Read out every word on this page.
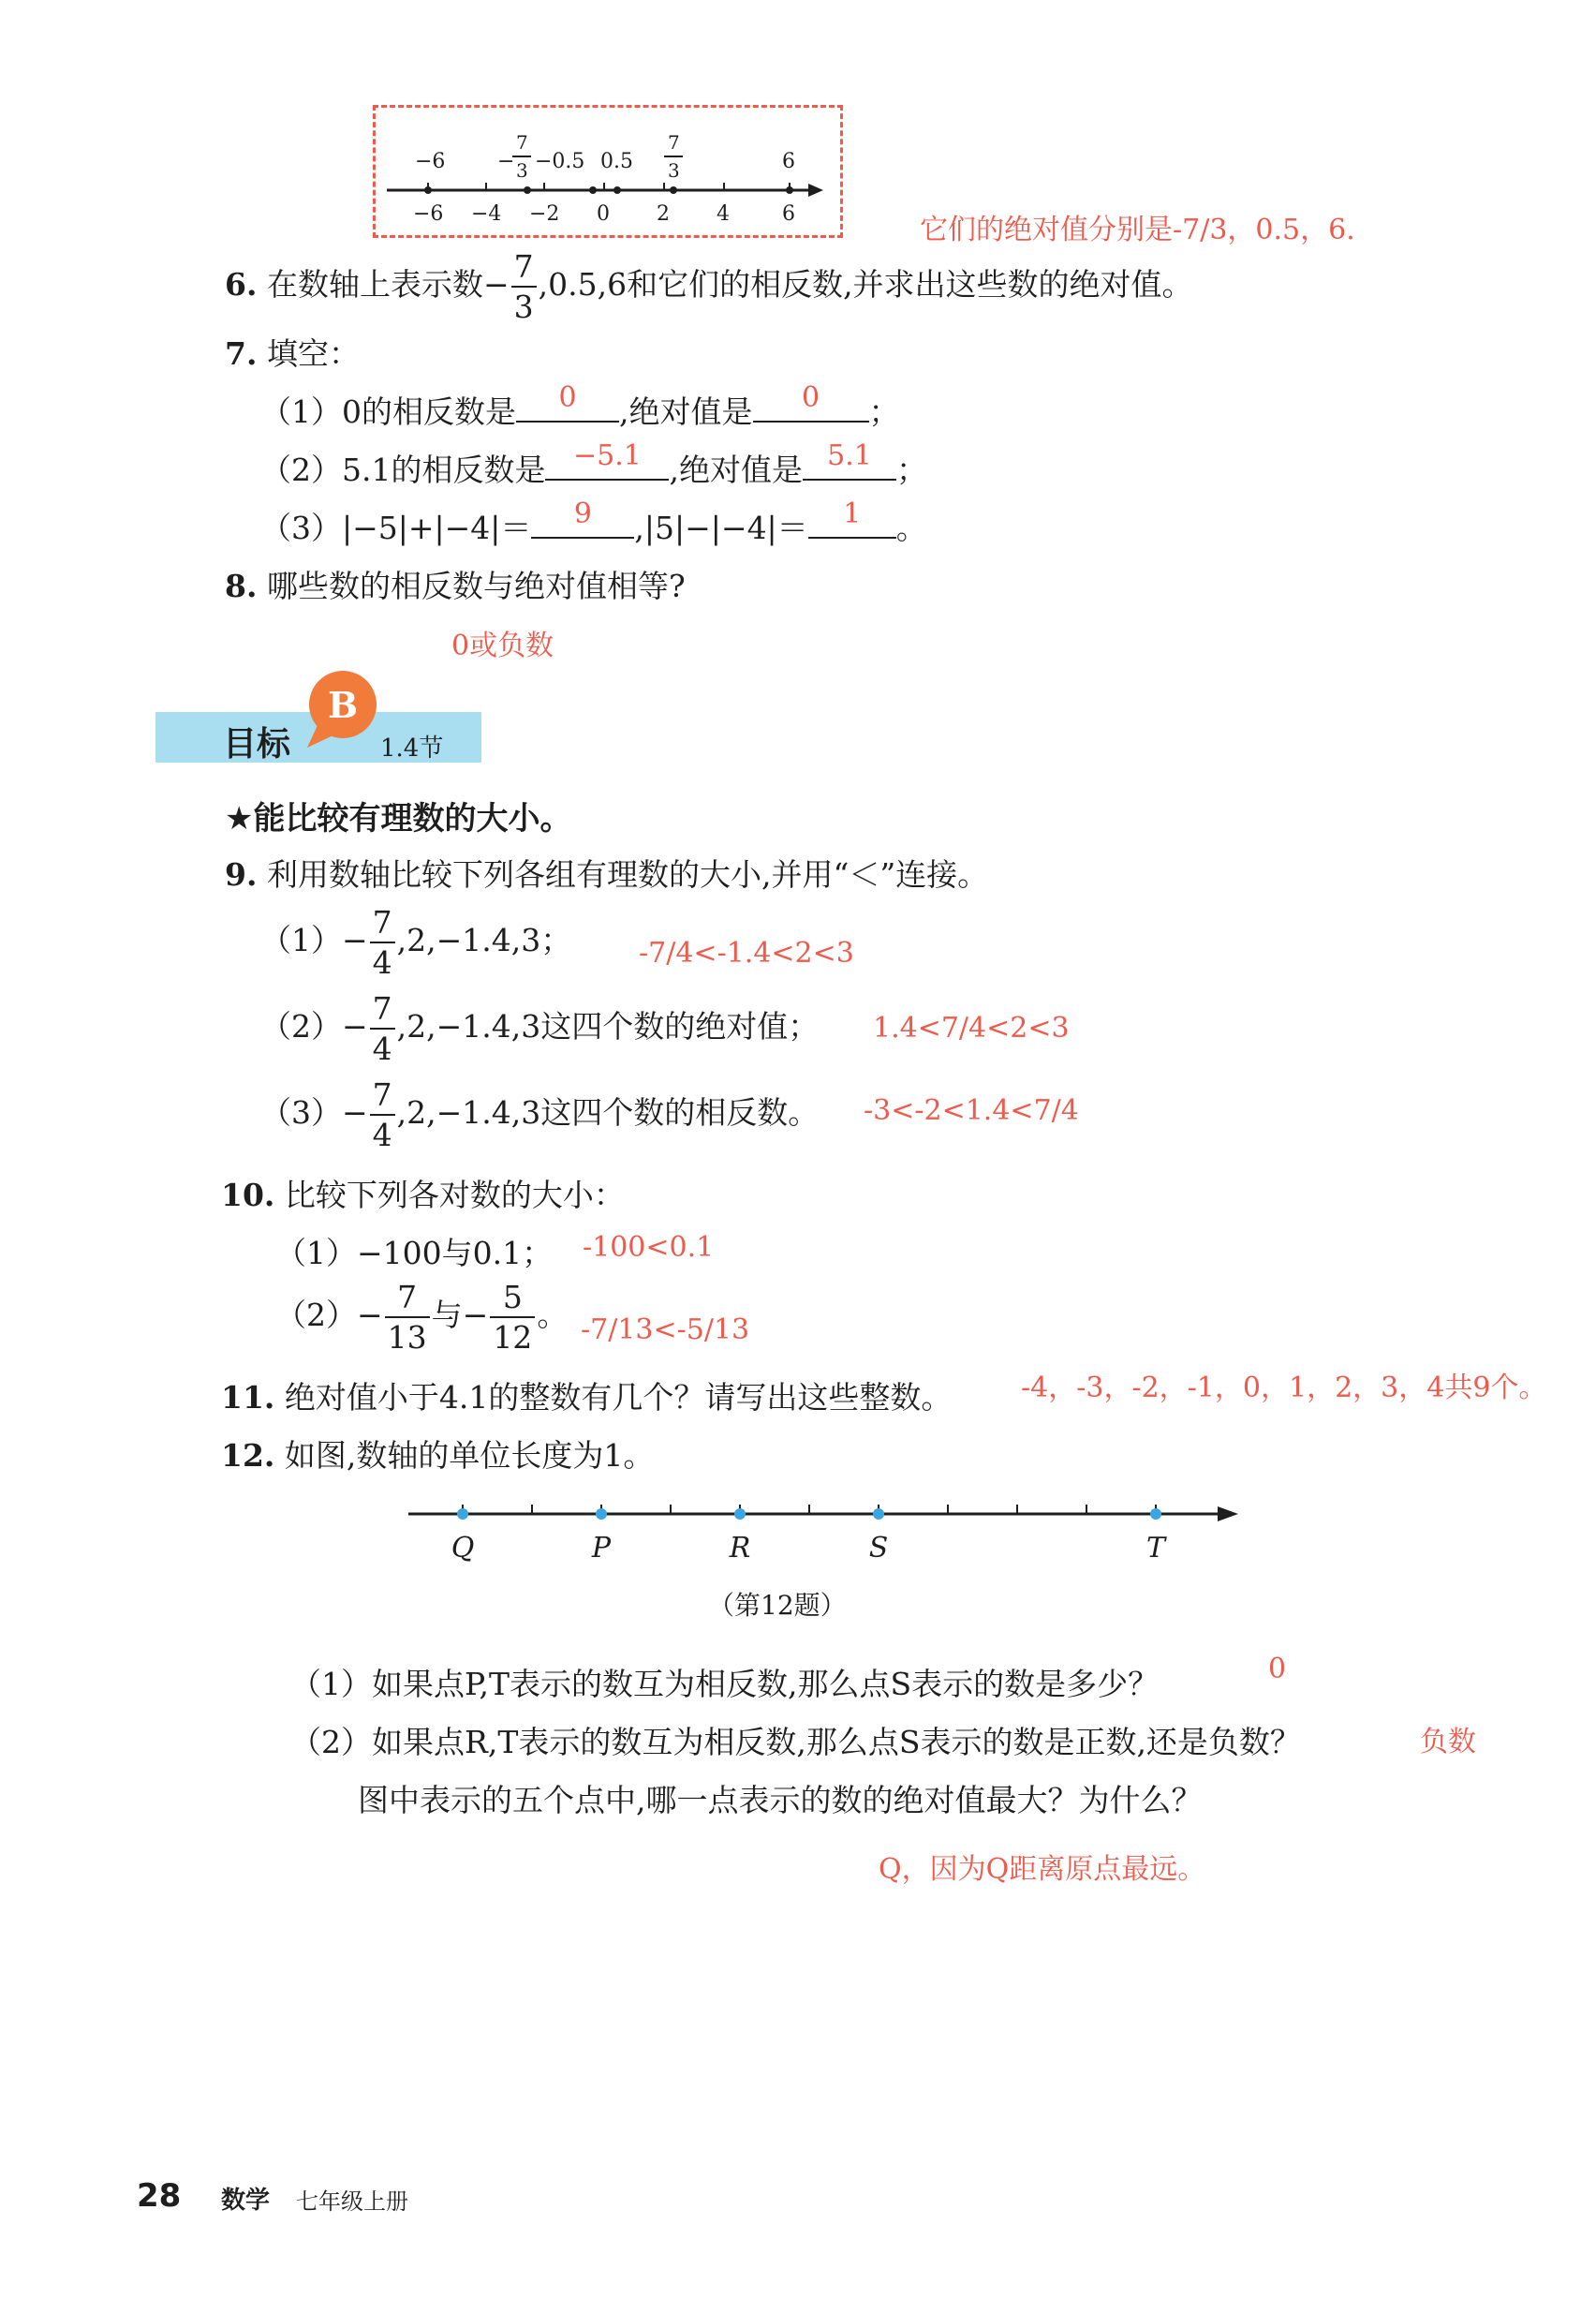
−6	−
7
3 −0.5 0.5
7
3	6
−6 −4 −2 0 2 4	6	它们的绝对值分别是-7/3，0.5，6.
6. 在数轴上表示数− $\frac{7}{3} ,0.5,6$和它们的相反数,并求出这些数的绝对值。
7. 填空：
（1）0的相反数是	0	,绝对值是	0	；
（2）5.1的相反数是 −5.1 ,绝对值是 5.1 ；
（3）|−5|+|−4|＝	9	,|5|−|−4|＝	1	。
8. 哪些数的相反数与绝对值相等?
0或负数
目标
B
1.4节
★能比较有理数的大小。
9. 利用数轴比较下列各组有理数的大小,并用“＜”连接。
$(1)- \frac{7}{4} ,2,-1.4,3$； -7/4<-1.4<2<3
$(2)- \frac{7}{4} ,2,-1.4,3$这四个数的绝对值； 1.4<7/4<2<3
$(3)- \frac{7}{4} ,2,-1.4,3$这四个数的相反数。 -3<-2<1.4<7/4
10. 比较下列各对数的大小：
（1）−100与0.1； -100<0.1
$(2)- \frac{7}{13}$ 与− $\frac{5}{12}$ 。 -7/13<-5/13
11. 绝对值小于4.1的整数有几个？请写出这些整数。 -4，-3，-2，-1，0，1，2，3，4共9个。
12. 如图,数轴的单位长度为1。
Q	P	R	S	T
（第12题）
（1）如果点P,T表示的数互为相反数,那么点S表示的数是多少？	0
（2）如果点R,T表示的数互为相反数,那么点S表示的数是正数,还是负数？	负数
图中表示的五个点中,哪一点表示的数的绝对值最大？为什么？
Q，因为Q距离原点最远。
28 数学 七年级上册
